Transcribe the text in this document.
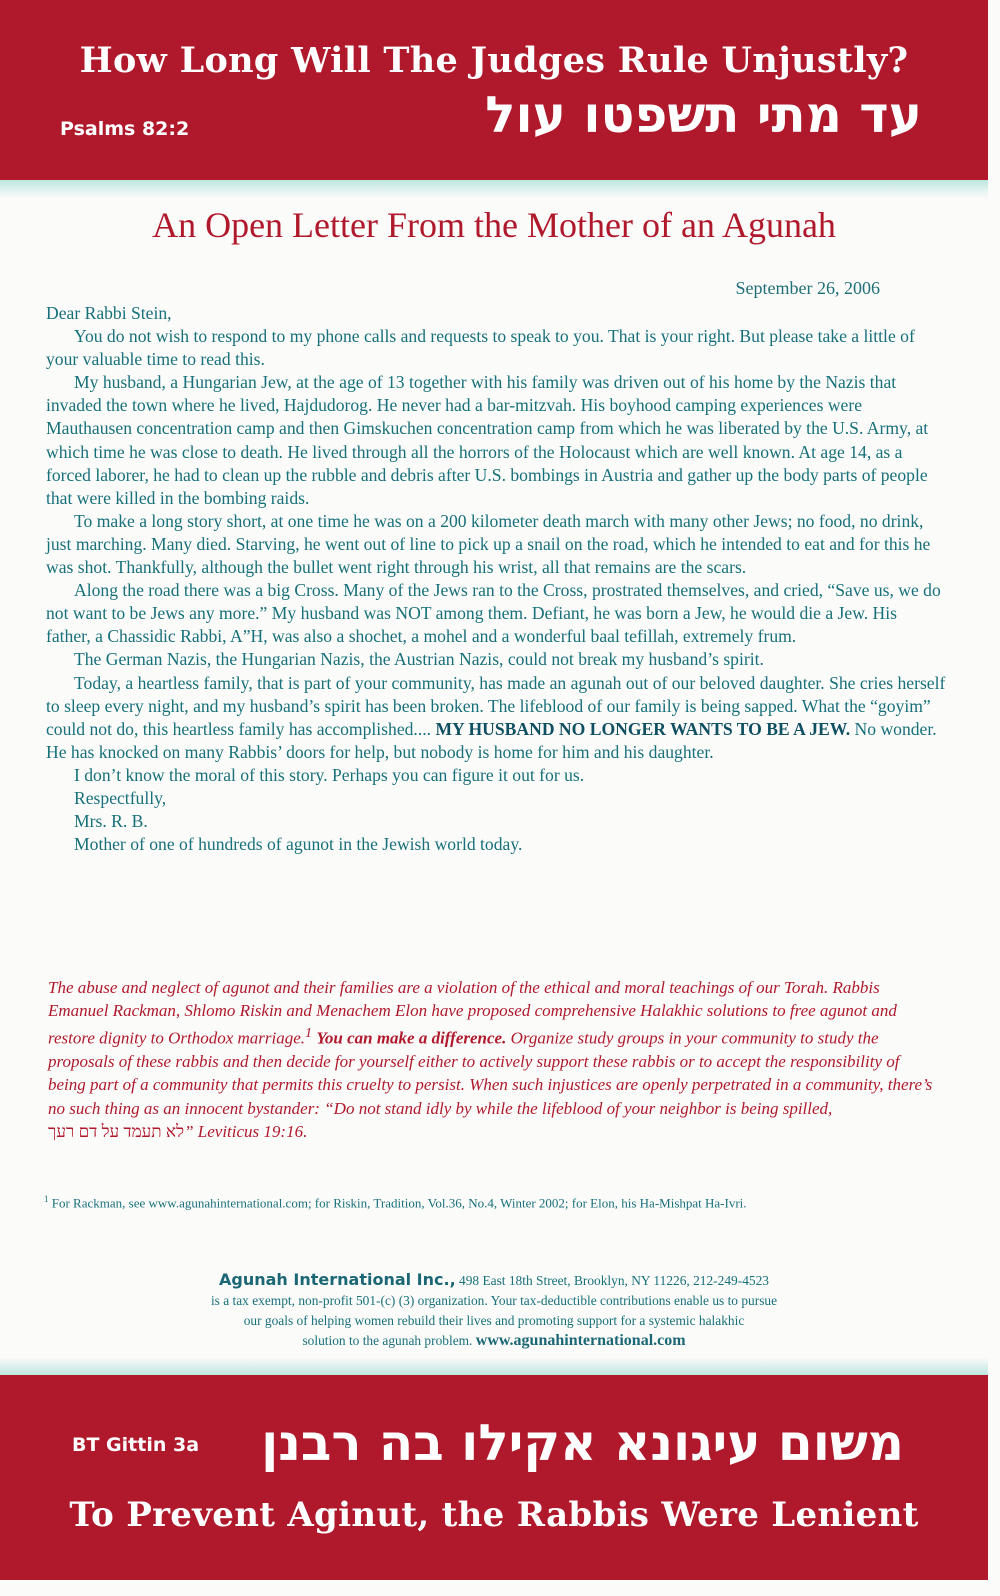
How Long Will The Judges Rule Unjustly?
Psalms 82:2	עד מתי תשפטו עול
An Open Letter From the Mother of an Agunah
September 26, 2006

Dear Rabbi Stein,

You do not wish to respond to my phone calls and requests to speak to you. That is your right. But please take a little of your valuable time to read this.

My husband, a Hungarian Jew, at the age of 13 together with his family was driven out of his home by the Nazis that invaded the town where he lived, Hajdudorog. He never had a bar-mitzvah. His boyhood camping experiences were Mauthausen concentration camp and then Gimskuchen concentration camp from which he was liberated by the U.S. Army, at which time he was close to death. He lived through all the horrors of the Holocaust which are well known. At age 14, as a forced laborer, he had to clean up the rubble and debris after U.S. bombings in Austria and gather up the body parts of people that were killed in the bombing raids.

To make a long story short, at one time he was on a 200 kilometer death march with many other Jews; no food, no drink, just marching. Many died. Starving, he went out of line to pick up a snail on the road, which he intended to eat and for this he was shot. Thankfully, although the bullet went right through his wrist, all that remains are the scars.

Along the road there was a big Cross. Many of the Jews ran to the Cross, prostrated themselves, and cried, “Save us, we do not want to be Jews any more.” My husband was NOT among them. Defiant, he was born a Jew, he would die a Jew. His father, a Chassidic Rabbi, A”H, was also a shochet, a mohel and a wonderful baal tefillah, extremely frum.

The German Nazis, the Hungarian Nazis, the Austrian Nazis, could not break my husband’s spirit.

Today, a heartless family, that is part of your community, has made an agunah out of our beloved daughter. She cries herself to sleep every night, and my husband’s spirit has been broken. The lifeblood of our family is being sapped. What the “goyim” could not do, this heartless family has accomplished.... MY HUSBAND NO LONGER WANTS TO BE A JEW. No wonder. He has knocked on many Rabbis’ doors for help, but nobody is home for him and his daughter.

I don’t know the moral of this story. Perhaps you can figure it out for us.

Respectfully,

Mrs. R. B.

Mother of one of hundreds of agunot in the Jewish world today.

The abuse and neglect of agunot and their families are a violation of the ethical and moral teachings of our Torah. Rabbis Emanuel Rackman, Shlomo Riskin and Menachem Elon have proposed comprehensive Halakhic solutions to free agunot and restore dignity to Orthodox marriage.$^1$ You can make a difference. Organize study groups in your community to study the proposals of these rabbis and then decide for yourself either to actively support these rabbis or to accept the responsibility of being part of a community that permits this cruelty to persist. When such injustices are openly perpetrated in a community, there’s no such thing as an innocent bystander: “Do not stand idly by while the lifeblood of your neighbor is being spilled,
לא תעמד על דם רעך” Leviticus 19:16.
$^1$ For Rackman, see www.agunahinternational.com; for Riskin, Tradition, Vol.36, No.4, Winter 2002; for Elon, his Ha-Mishpat Ha-Ivri.
Agunah International Inc., 498 East 18th Street, Brooklyn, NY 11226, 212-249-4523
is a tax exempt, non-profit 501-(c) (3) organization. Your tax-deductible contributions enable us to pursue
our goals of helping women rebuild their lives and promoting support for a systemic halakhic
solution to the agunah problem. www.agunahinternational.com
BT Gittin 3a משום עיגונא אקילו בה רבנן
To Prevent Aginut, the Rabbis Were Lenient
